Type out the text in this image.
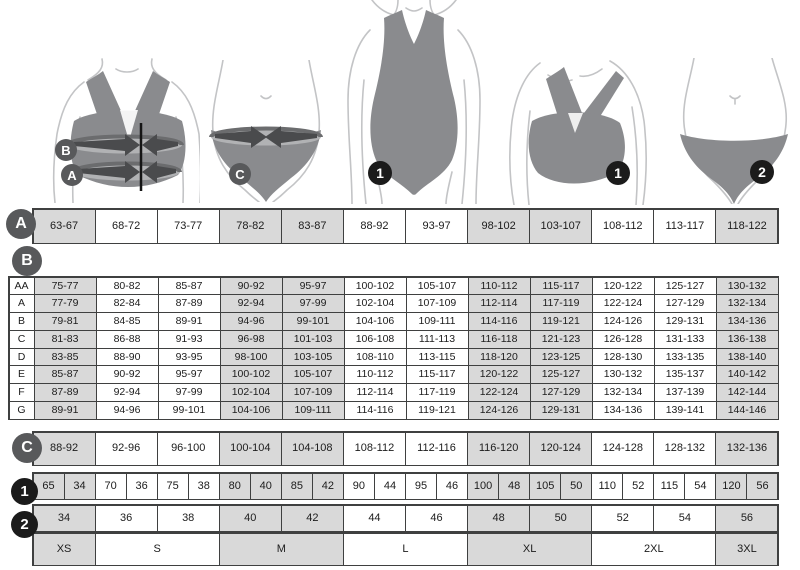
B
A	C	1	1	2
A
B
C
1
2
63-67	68-72	73-77	78-82	83-87	88-92	93-97	98-102	103-107	108-112	113-117	118-122
AA	75-77	80-82	85-87	90-92	95-97	100-102	105-107	110-112	115-117	120-122	125-127	130-132
A	77-79	82-84	87-89	92-94	97-99	102-104	107-109	112-114	117-119	122-124	127-129	132-134
B	79-81	84-85	89-91	94-96	99-101	104-106	109-111	114-116	119-121	124-126	129-131	134-136
C	81-83	86-88	91-93	96-98	101-103	106-108	111-113	116-118	121-123	126-128	131-133	136-138
D	83-85	88-90	93-95	98-100	103-105	108-110	113-115	118-120	123-125	128-130	133-135	138-140
E	85-87	90-92	95-97	100-102	105-107	110-112	115-117	120-122	125-127	130-132	135-137	140-142
F	87-89	92-94	97-99	102-104	107-109	112-114	117-119	122-124	127-129	132-134	137-139	142-144
G	89-91	94-96	99-101	104-106	109-111	114-116	119-121	124-126	129-131	134-136	139-141	144-146
88-92	92-96	96-100	100-104	104-108	108-112	112-116	116-120	120-124	124-128	128-132	132-136
65	34	70	36	75	38	80	40	85	42	90	44	95	46	100	48	105	50	110	52	115	54	120	56
34	36	38	40	42	44	46	48	50	52	54	56
XS	S	M	L	XL	2XL	3XL
